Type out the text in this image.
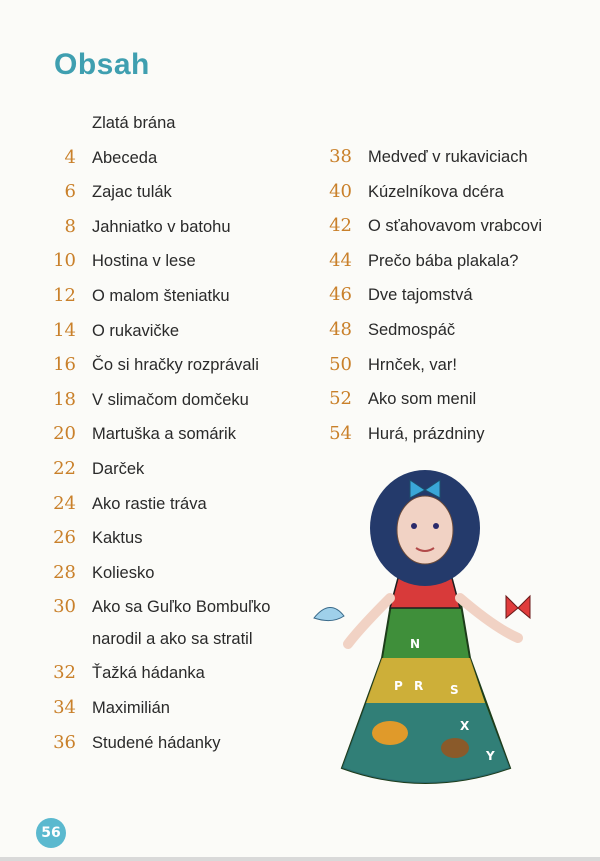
Obsah
Zlatá brána
4 Abeceda
6 Zajac tulák
8 Jahniatko v batohu
10 Hostina v lese
12 O malom šteniatku
14 O rukavičke
16 Čo si hračky rozprávali
18 V slimačom domčeku
20 Martuška a somárik
22 Darček
24 Ako rastie tráva
26 Kaktus
28 Koliesko
30 Ako sa Guľko Bombuľko
narodil a ako sa stratil
32 Ťažká hádanka
34 Maximilián
36 Studené hádanky
38 Medveď v rukaviciach
40 Kúzelníkova dcéra
42 O sťahovavom vrabcovi
44 Prečo bába plakala?
46 Dve tajomstvá
48 Sedmospáč
50 Hrnček, var!
52 Ako som menil
54 Hurá, prázdniny
N
P R S
X
Y
56
